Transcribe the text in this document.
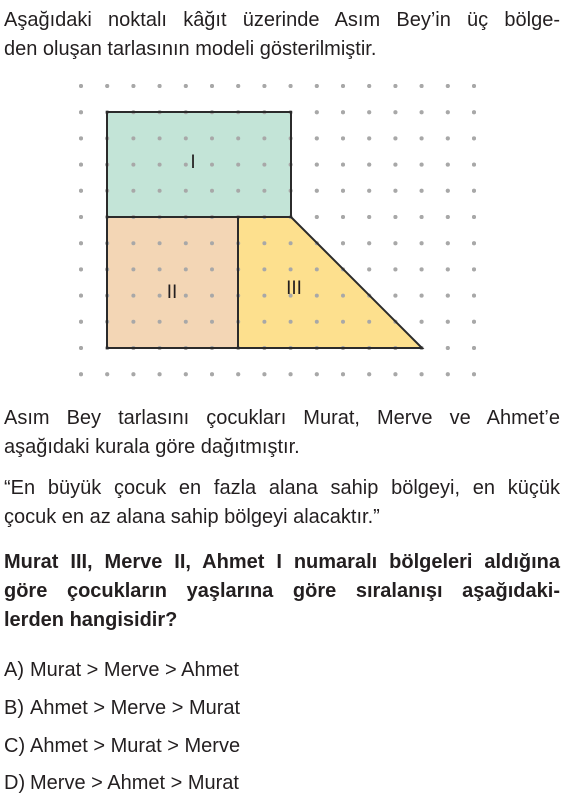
Aşağıdaki noktalı kâğıt üzerinde Asım Bey’in üç bölge-
den oluşan tarlasının modeli gösterilmiştir.

I
II	III

Asım Bey tarlasını çocukları Murat, Merve ve Ahmet’e
aşağıdaki kurala göre dağıtmıştır.

“En büyük çocuk en fazla alana sahip bölgeyi, en küçük
çocuk en az alana sahip bölgeyi alacaktır.”

Murat III, Merve II, Ahmet I numaralı bölgeleri aldığına
göre çocukların yaşlarına göre sıralanışı aşağıdaki-
lerden hangisidir?

A) Murat > Merve > Ahmet
B) Ahmet > Merve > Murat
C) Ahmet > Murat > Merve
D) Merve > Ahmet > Murat
